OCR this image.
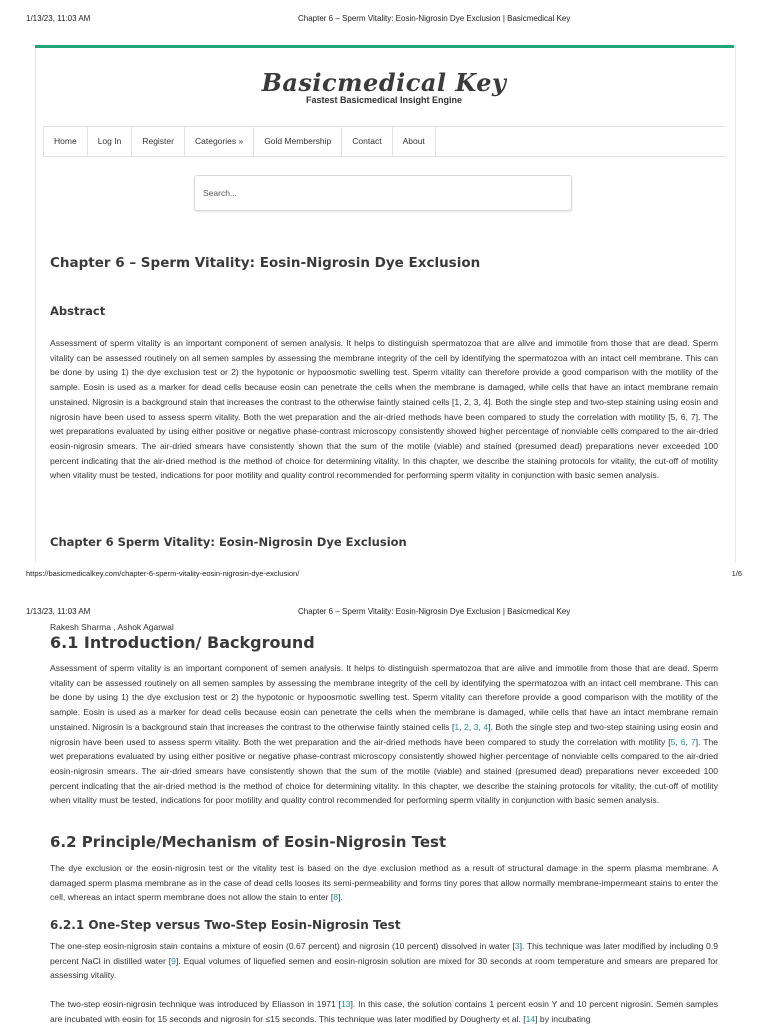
1/13/23, 11:03 AM	Chapter 6 – Sperm Vitality: Eosin-Nigrosin Dye Exclusion | Basicmedical Key
Basicmedical Key
Fastest Basicmedical Insight Engine
Home	Log In	Register	Categories »	Gold Membership	Contact	About
Search...
Chapter 6 – Sperm Vitality: Eosin-Nigrosin Dye Exclusion
Abstract

Assessment of sperm vitality is an important component of semen analysis. It helps to distinguish spermatozoa that are alive and immotile from those that are dead. Sperm vitality can be assessed routinely on all semen samples by assessing the membrane integrity of the cell by identifying the spermatozoa with an intact cell membrane. This can be done by using 1) the dye exclusion test or 2) the hypotonic or hypoosmotic swelling test. Sperm vitality can therefore provide a good comparison with the motility of the sample. Eosin is used as a marker for dead cells because eosin can penetrate the cells when the membrane is damaged, while cells that have an intact membrane remain unstained. Nigrosin is a background stain that increases the contrast to the otherwise faintly stained cells [1, 2, 3, 4]. Both the single step and two-step staining using eosin and nigrosin have been used to assess sperm vitality. Both the wet preparation and the air-dried methods have been compared to study the correlation with motility [5, 6, 7]. The wet preparations evaluated by using either positive or negative phase-contrast microscopy consistently showed higher percentage of nonviable cells compared to the air-dried eosin-nigrosin smears. The air-dried smears have consistently shown that the sum of the motile (viable) and stained (presumed dead) preparations never exceeded 100 percent indicating that the air-dried method is the method of choice for determining vitality. In this chapter, we describe the staining protocols for vitality, the cut-off of motility when vitality must be tested, indications for poor motility and quality control recommended for performing sperm vitality in conjunction with basic semen analysis.

Chapter 6 Sperm Vitality: Eosin-Nigrosin Dye Exclusion
https://basicmedicalkey.com/chapter-6-sperm-vitality-eosin-nigrosin-dye-exclusion/	1/6
1/13/23, 11:03 AM	Chapter 6 – Sperm Vitality: Eosin-Nigrosin Dye Exclusion | Basicmedical Key
Rakesh Sharma , Ashok Agarwal
6.1 Introduction/ Background

Assessment of sperm vitality is an important component of semen analysis. It helps to distinguish spermatozoa that are alive and immotile from those that are dead. Sperm vitality can be assessed routinely on all semen samples by assessing the membrane integrity of the cell by identifying the spermatozoa with an intact cell membrane. This can be done by using 1) the dye exclusion test or 2) the hypotonic or hypoosmotic swelling test. Sperm vitality can therefore provide a good comparison with the motility of the sample. Eosin is used as a marker for dead cells because eosin can penetrate the cells when the membrane is damaged, while cells that have an intact membrane remain unstained. Nigrosin is a background stain that increases the contrast to the otherwise faintly stained cells [1, 2, 3, 4]. Both the single step and two-step staining using eosin and nigrosin have been used to assess sperm vitality. Both the wet preparation and the air-dried methods have been compared to study the correlation with motility [5, 6, 7]. The wet preparations evaluated by using either positive or negative phase-contrast microscopy consistently showed higher percentage of nonviable cells compared to the air-dried eosin-nigrosin smears. The air-dried smears have consistently shown that the sum of the motile (viable) and stained (presumed dead) preparations never exceeded 100 percent indicating that the air-dried method is the method of choice for determining vitality. In this chapter, we describe the staining protocols for vitality, the cut-off of motility when vitality must be tested, indications for poor motility and quality control recommended for performing sperm vitality in conjunction with basic semen analysis.

6.2 Principle/Mechanism of Eosin-Nigrosin Test

The dye exclusion or the eosin-nigrosin test or the vitality test is based on the dye exclusion method as a result of structural damage in the sperm plasma membrane. A damaged sperm plasma membrane as in the case of dead cells looses its semi-permeability and forms tiny pores that allow normally membrane-impermeant stains to enter the cell, whereas an intact sperm membrane does not allow the stain to enter [8].

6.2.1 One-Step versus Two-Step Eosin-Nigrosin Test

The one-step eosin-nigrosin stain contains a mixture of eosin (0.67 percent) and nigrosin (10 percent) dissolved in water [3]. This technique was later modified by including 0.9 percent NaCl in distilled water [9]. Equal volumes of liquefied semen and eosin-nigrosin solution are mixed for 30 seconds at room temperature and smears are prepared for assessing vitality.

The two-step eosin-nigrosin technique was introduced by Eliasson in 1971 [13]. In this case, the solution contains 1 percent eosin Y and 10 percent nigrosin. Semen samples are incubated with eosin for 15 seconds and nigrosin for ≤15 seconds. This technique was later modified by Dougherty et al. [14] by incubating
